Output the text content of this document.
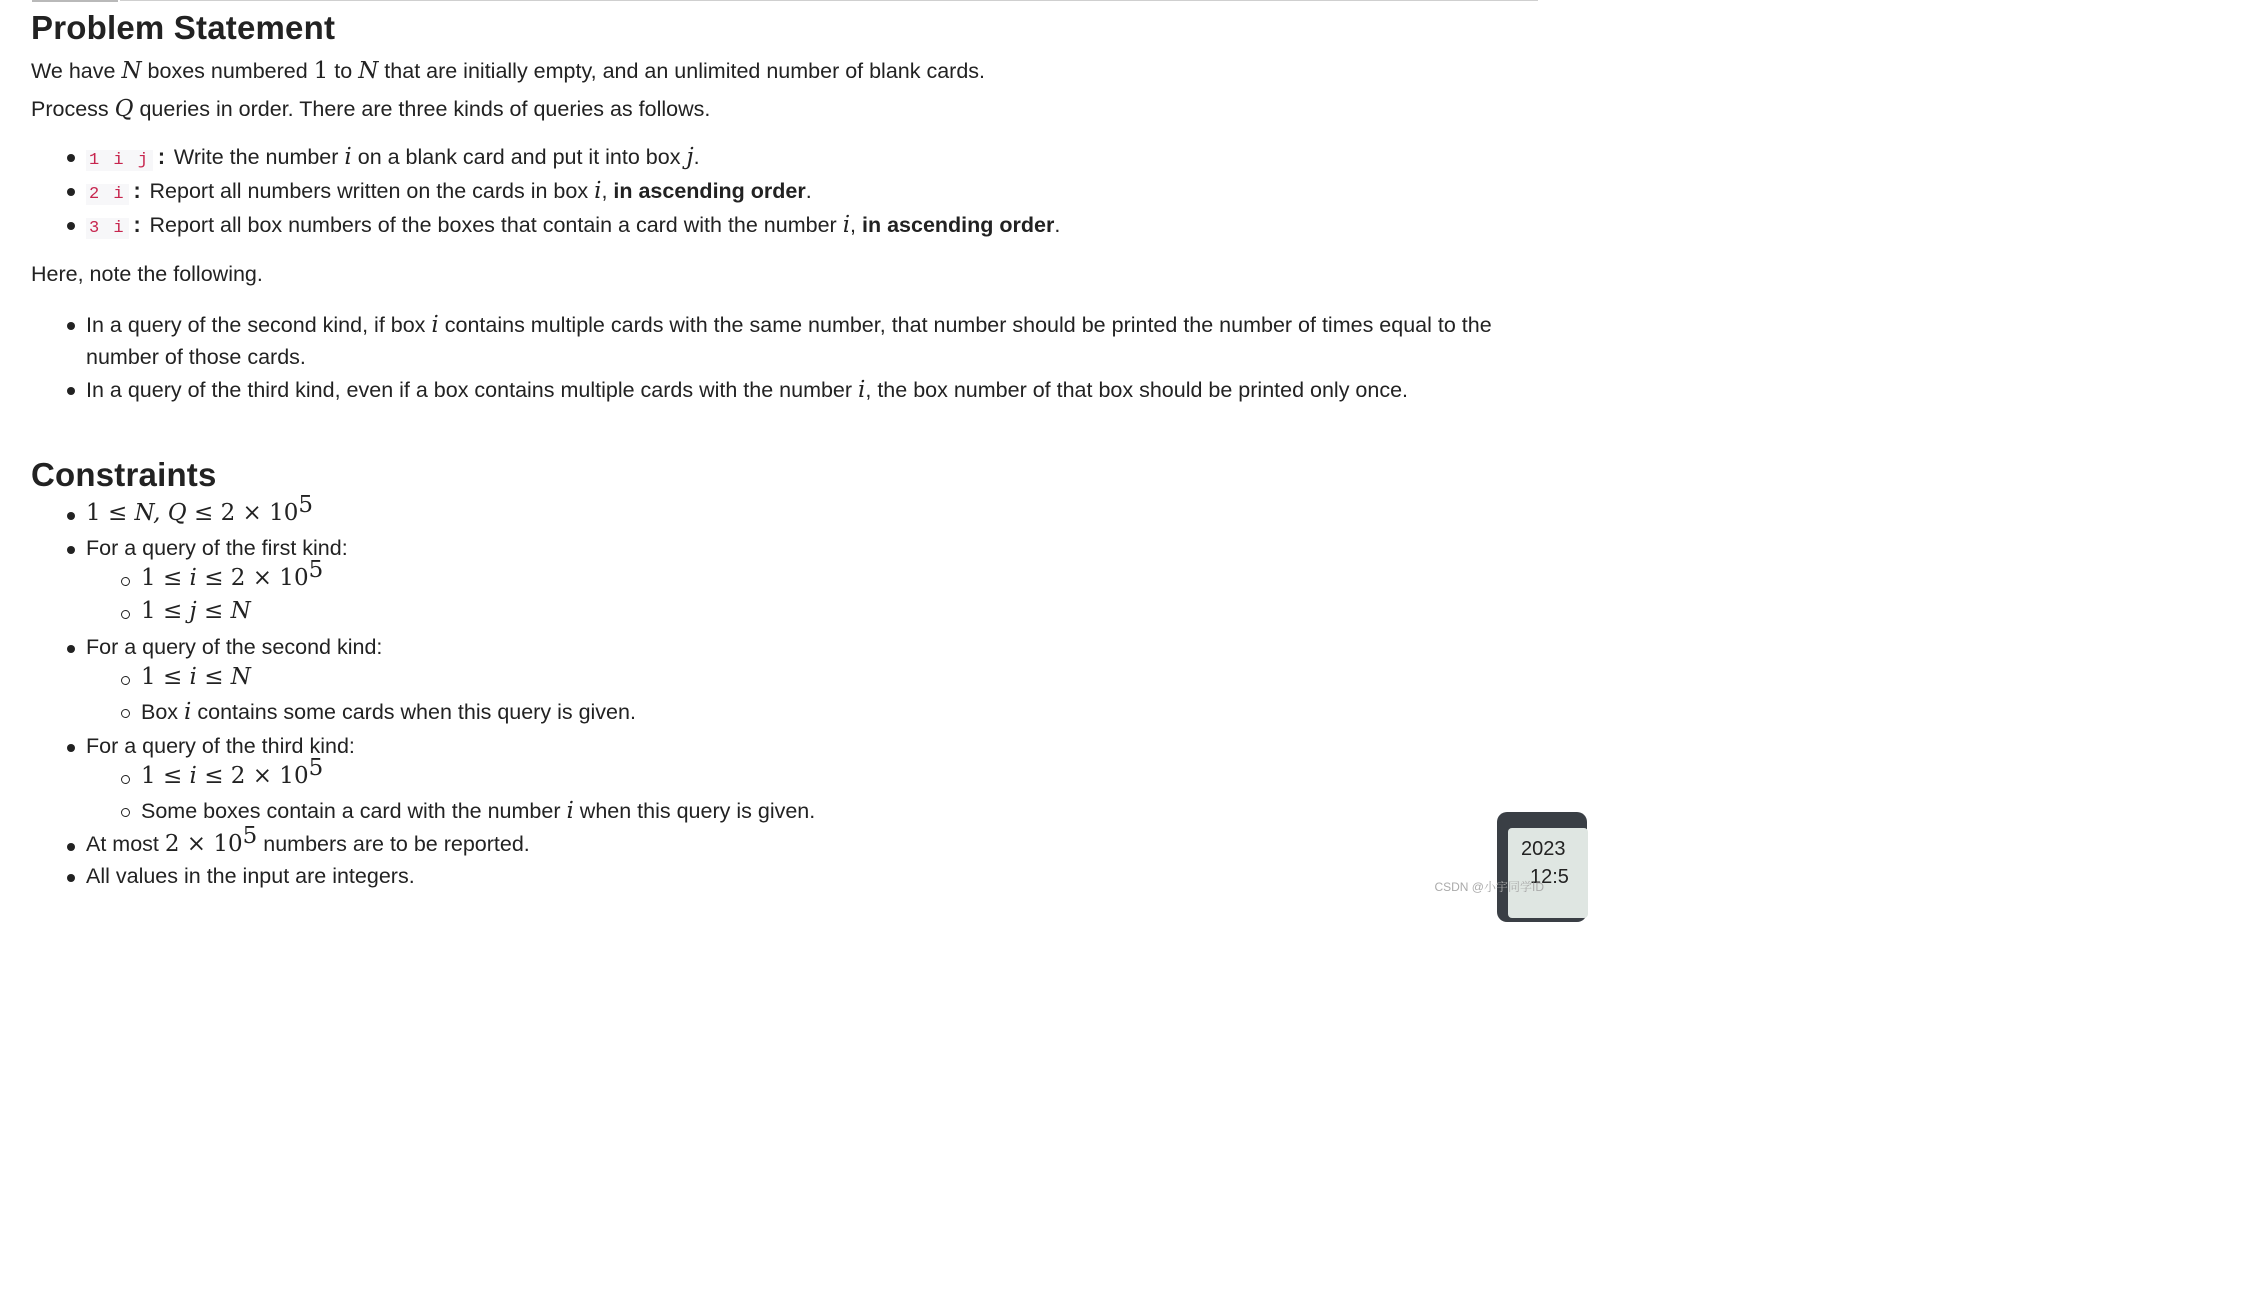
Problem Statement
We have N boxes numbered 1 to N that are initially empty, and an unlimited number of blank cards.
Process Q queries in order. There are three kinds of queries as follows.
1 i j : Write the number i on a blank card and put it into box j.
2 i : Report all numbers written on the cards in box i, in ascending order.
3 i : Report all box numbers of the boxes that contain a card with the number i, in ascending order.
Here, note the following.
In a query of the second kind, if box i contains multiple cards with the same number, that number should be printed the number of times equal to the
number of those cards.
In a query of the third kind, even if a box contains multiple cards with the number i, the box number of that box should be printed only once.
Constraints
1 ≤ N, $Q \le 2 \times 10^5$
For a query of the first kind:
$1 \le i \le 2 \times 10^5$
1 ≤ j ≤ N
For a query of the second kind:
1 ≤ i ≤ N
Box i contains some cards when this query is given.
For a query of the third kind:
$1 \le i \le 2 \times 10^5$
Some boxes contain a card with the number i when this query is given.
At most $2 \times 10^5$ numbers are to be reported.
All values in the input are integers.
2023
12:5
CSDN @小宇同学ID
